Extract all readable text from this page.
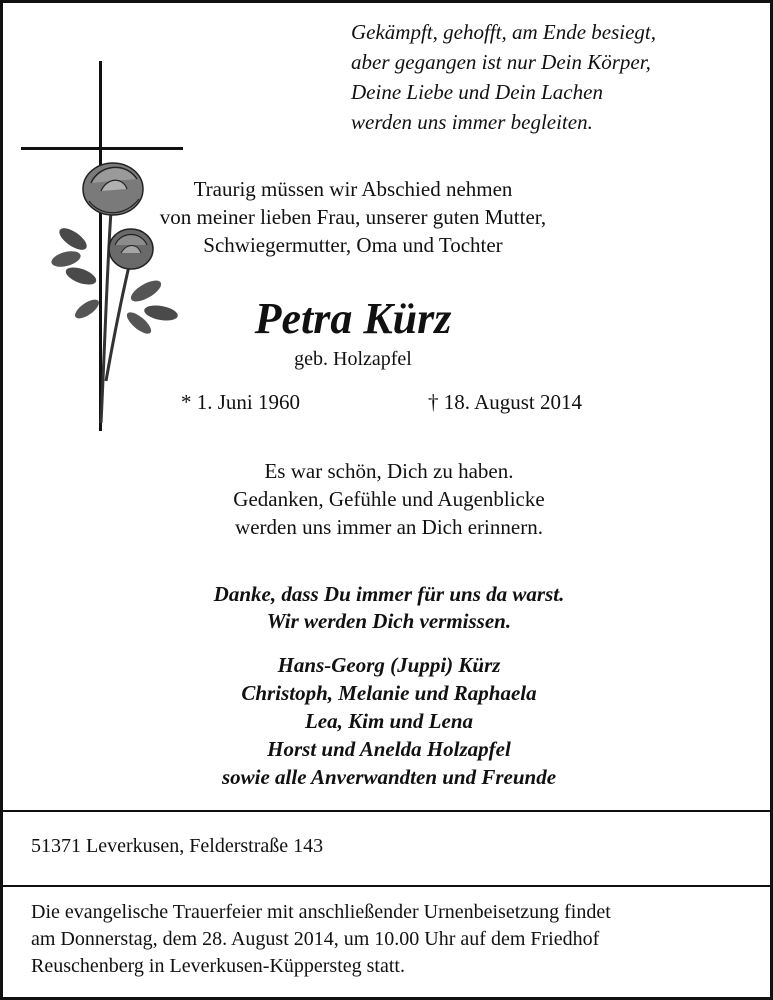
Gekämpft, gehofft, am Ende besiegt,
aber gegangen ist nur Dein Körper,
Deine Liebe und Dein Lachen
werden uns immer begleiten.
Traurig müssen wir Abschied nehmen
von meiner lieben Frau, unserer guten Mutter,
Schwiegermutter, Oma und Tochter
Petra Kürz
geb. Holzapfel
* 1. Juni 1960	† 18. August 2014
Es war schön, Dich zu haben.
Gedanken, Gefühle und Augenblicke
werden uns immer an Dich erinnern.
Danke, dass Du immer für uns da warst.
Wir werden Dich vermissen.
Hans-Georg (Juppi) Kürz
Christoph, Melanie und Raphaela
Lea, Kim und Lena
Horst und Anelda Holzapfel
sowie alle Anverwandten und Freunde
51371 Leverkusen, Felderstraße 143
Die evangelische Trauerfeier mit anschließender Urnenbeisetzung findet
am Donnerstag, dem 28. August 2014, um 10.00 Uhr auf dem Friedhof
Reuschenberg in Leverkusen-Küppersteg statt.
